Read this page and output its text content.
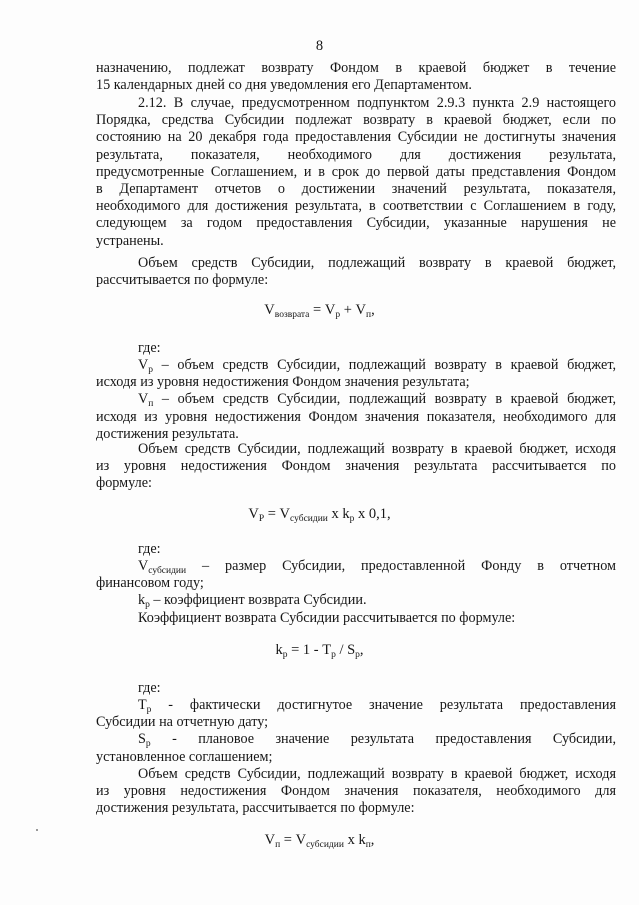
8
назначению, подлежат возврату Фондом в краевой бюджет в течение
15 календарных дней со дня уведомления его Департаментом.
2.12. В случае, предусмотренном подпунктом 2.9.3 пункта 2.9 настоящего
Порядка, средства Субсидии подлежат возврату в краевой бюджет, если по
состоянию на 20 декабря года предоставления Субсидии не достигнуты значения
результата, показателя, необходимого для достижения результата,
предусмотренные Соглашением, и в срок до первой даты представления Фондом
в Департамент отчетов о достижении значений результата, показателя,
необходимого для достижения результата, в соответствии с Соглашением в году,
следующем за годом предоставления Субсидии, указанные нарушения не
устранены.
Объем средств Субсидии, подлежащий возврату в краевой бюджет,
рассчитывается по формуле:
$V_{возврата} = V_р + V_п$,
где:
$V_р$ – объем средств Субсидии, подлежащий возврату в краевой бюджет,
исходя из уровня недостижения Фондом значения результата;
$V_п$ – объем средств Субсидии, подлежащий возврату в краевой бюджет,
исходя из уровня недостижения Фондом значения показателя, необходимого для
достижения результата.
Объем средств Субсидии, подлежащий возврату в краевой бюджет, исходя
из уровня недостижения Фондом значения результата рассчитывается по
формуле:
$V_Р = V_{субсидии}$ x $k_р$ x 0,1,
где:
$V_{субсидии}$ – размер Субсидии, предоставленной Фонду в отчетном
финансовом году;
$k_р$ – коэффициент возврата Субсидии.
Коэффициент возврата Субсидии рассчитывается по формуле:
$k_р = 1 - T_р / S_р$,
где:
$T_р$ - фактически достигнутое значение результата предоставления
Субсидии на отчетную дату;
$S_р$ - плановое значение результата предоставления Субсидии,
установленное соглашением;
Объем средств Субсидии, подлежащий возврату в краевой бюджет, исходя
из уровня недостижения Фондом значения показателя, необходимого для
достижения результата, рассчитывается по формуле:
$V_п = V_{субсидии}$ x $k_п$,
